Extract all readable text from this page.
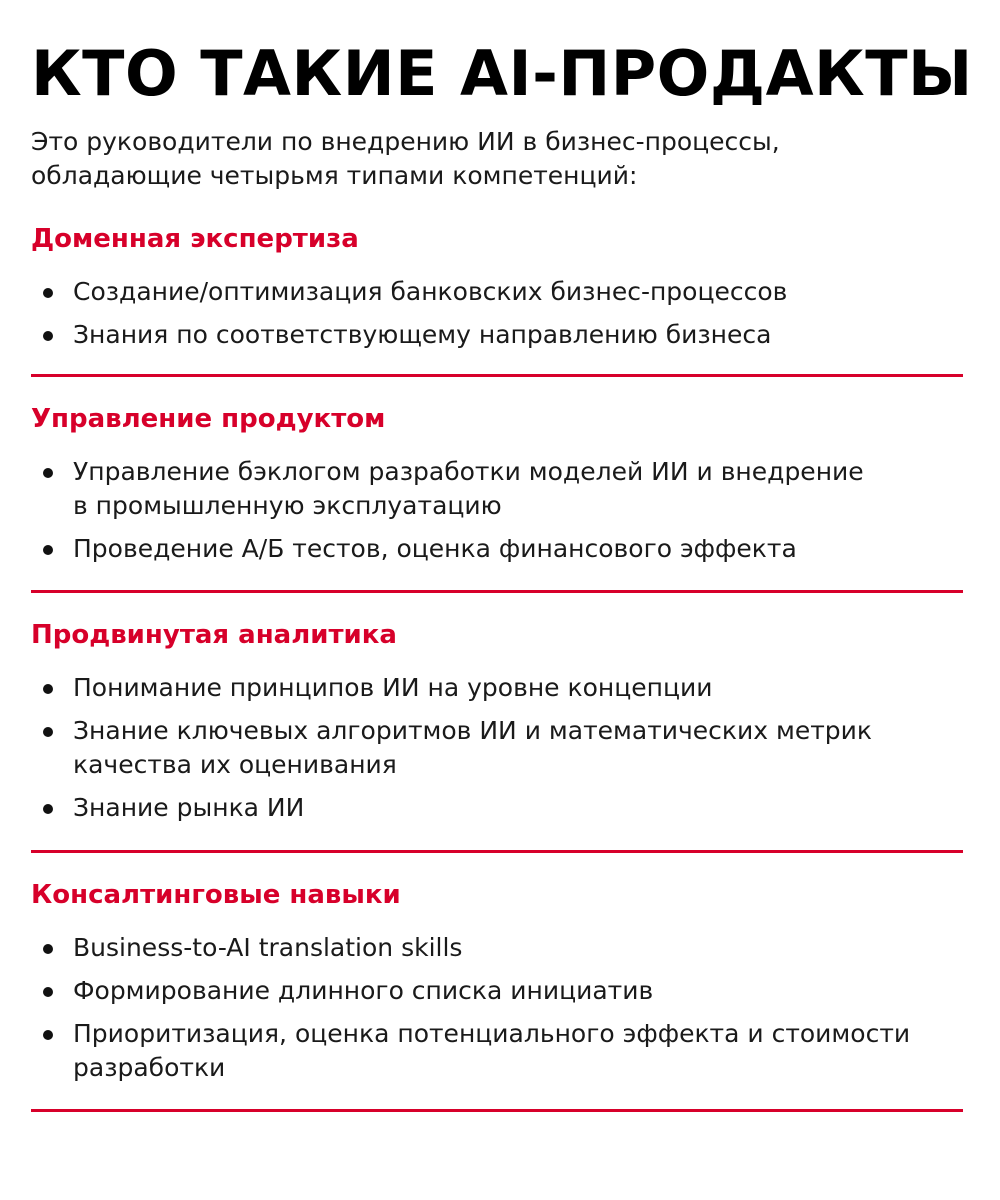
КТО ТАКИЕ AI-ПРОДАКТЫ
Это руководители по внедрению ИИ в бизнес-процессы,
обладающие четырьмя типами компетенций:
Доменная экспертиза
Создание/оптимизация банковских бизнес-процессов
Знания по соответствующему направлению бизнеса
Управление продуктом
Управление бэклогом разработки моделей ИИ и внедрение
в промышленную эксплуатацию
Проведение А/Б тестов, оценка финансового эффекта
Продвинутая аналитика
Понимание принципов ИИ на уровне концепции
Знание ключевых алгоритмов ИИ и математических метрик
качества их оценивания
Знание рынка ИИ
Консалтинговые навыки
Business-to-AI translation skills
Формирование длинного списка инициатив
Приоритизация, оценка потенциального эффекта и стоимости
разработки
